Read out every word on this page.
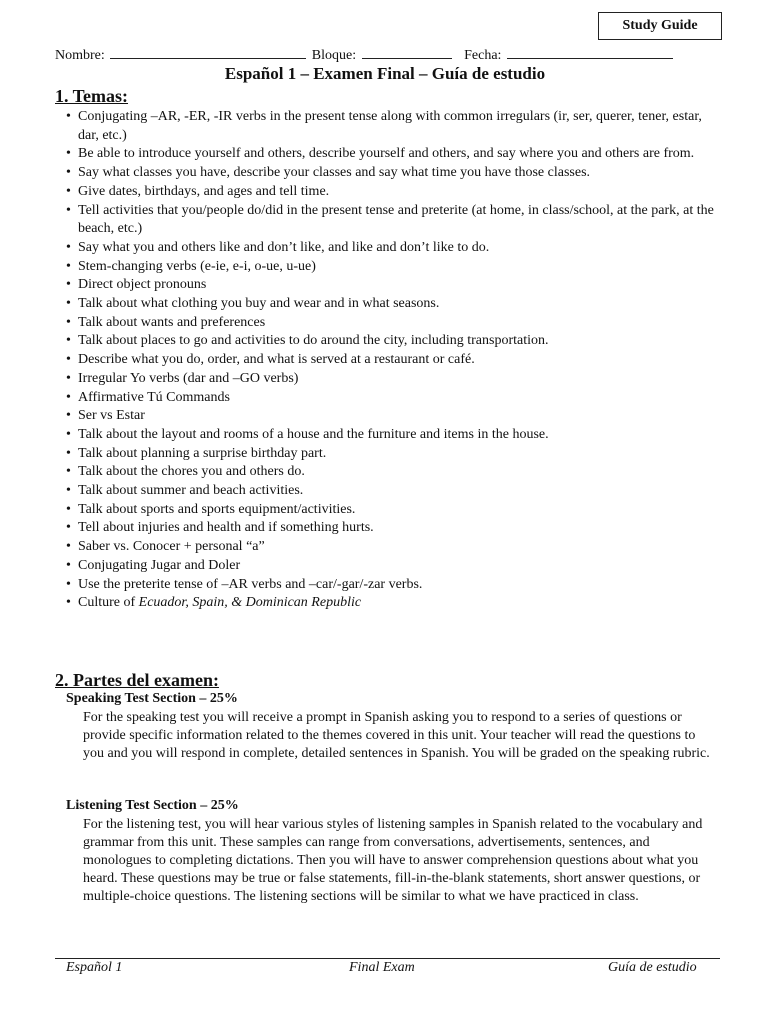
Study Guide
Nombre:	Bloque:	Fecha:
Español 1 – Examen Final – Guía de estudio
1. Temas:
• Conjugating –AR, -ER, -IR verbs in the present tense along with common irregulars (ir, ser, querer, tener, estar, dar, etc.)
• Be able to introduce yourself and others, describe yourself and others, and say where you and others are from.
• Say what classes you have, describe your classes and say what time you have those classes.
• Give dates, birthdays, and ages and tell time.
• Tell activities that you/people do/did in the present tense and preterite (at home, in class/school, at the park, at the beach, etc.)
• Say what you and others like and don’t like, and like and don’t like to do.
• Stem-changing verbs (e-ie, e-i, o-ue, u-ue)
• Direct object pronouns
• Talk about what clothing you buy and wear and in what seasons.
• Talk about wants and preferences
• Talk about places to go and activities to do around the city, including transportation.
• Describe what you do, order, and what is served at a restaurant or café.
• Irregular Yo verbs (dar and –GO verbs)
• Affirmative Tú Commands
• Ser vs Estar
• Talk about the layout and rooms of a house and the furniture and items in the house.
• Talk about planning a surprise birthday part.
• Talk about the chores you and others do.
• Talk about summer and beach activities.
• Talk about sports and sports equipment/activities.
• Tell about injuries and health and if something hurts.
• Saber vs. Conocer + personal “a”
• Conjugating Jugar and Doler
• Use the preterite tense of –AR verbs and –car/-gar/-zar verbs.
• Culture of Ecuador, Spain, & Dominican Republic
2. Partes del examen:
Speaking Test Section – 25%
For the speaking test you will receive a prompt in Spanish asking you to respond to a series of questions or provide specific information related to the themes covered in this unit. Your teacher will read the questions to you and you will respond in complete, detailed sentences in Spanish. You will be graded on the speaking rubric.
Listening Test Section – 25%
For the listening test, you will hear various styles of listening samples in Spanish related to the vocabulary and grammar from this unit. These samples can range from conversations, advertisements, sentences, and monologues to completing dictations. Then you will have to answer comprehension questions about what you heard. These questions may be true or false statements, fill-in-the-blank statements, short answer questions, or multiple-choice questions. The listening sections will be similar to what we have practiced in class.
Español 1	Final Exam	Guía de estudio
